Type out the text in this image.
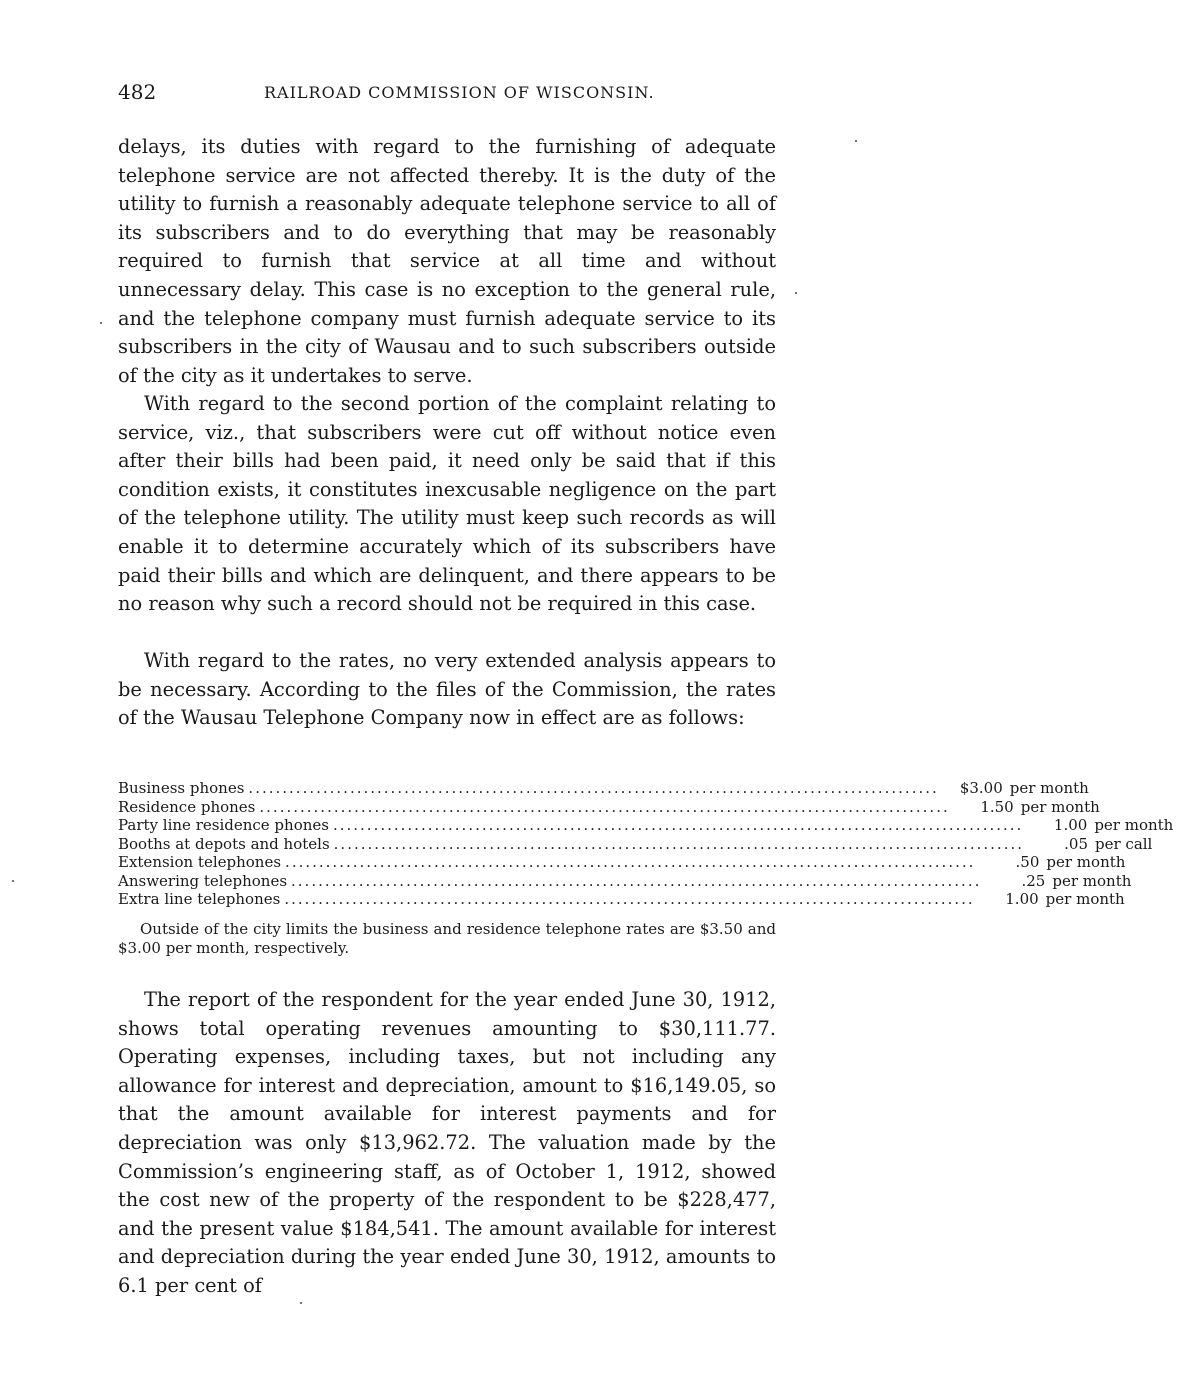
482	RAILROAD COMMISSION OF WISCONSIN.

delays, its duties with regard to the furnishing of adequate telephone service are not affected thereby. It is the duty of the utility to furnish a reasonably adequate telephone service to all of its subscribers and to do everything that may be reasonably required to furnish that service at all time and without unnecessary delay. This case is no exception to the general rule, and the telephone company must furnish adequate service to its subscribers in the city of Wausau and to such subscribers outside of the city as it undertakes to serve.

With regard to the second portion of the complaint relating to service, viz., that subscribers were cut off without notice even after their bills had been paid, it need only be said that if this condition exists, it constitutes inexcusable negligence on the part of the telephone utility. The utility must keep such records as will enable it to determine accurately which of its subscribers have paid their bills and which are delinquent, and there appears to be no reason why such a record should not be required in this case.

With regard to the rates, no very extended analysis appears to be necessary. According to the files of the Commission, the rates of the Wausau Telephone Company now in effect are as follows:

Business phones ......................................................................................................	$3.00 per month
Residence phones ......................................................................................................	1.50 per month
Party line residence phones ......................................................................................................	1.00 per month
Booths at depots and hotels ......................................................................................................	.05 per call
Extension telephones ......................................................................................................	.50 per month
Answering telephones ......................................................................................................	.25 per month
Extra line telephones ......................................................................................................	1.00 per month

Outside of the city limits the business and residence telephone rates are $3.50 and $3.00 per month, respectively.

The report of the respondent for the year ended June 30, 1912, shows total operating revenues amounting to $30,111.77. Operating expenses, including taxes, but not including any allowance for interest and depreciation, amount to $16,149.05, so that the amount available for interest payments and for depreciation was only $13,962.72. The valuation made by the Commission’s engineering staff, as of October 1, 1912, showed the cost new of the property of the respondent to be $228,477, and the present value $184,541. The amount available for interest and depreciation during the year ended June 30, 1912, amounts to 6.1 per cent of
